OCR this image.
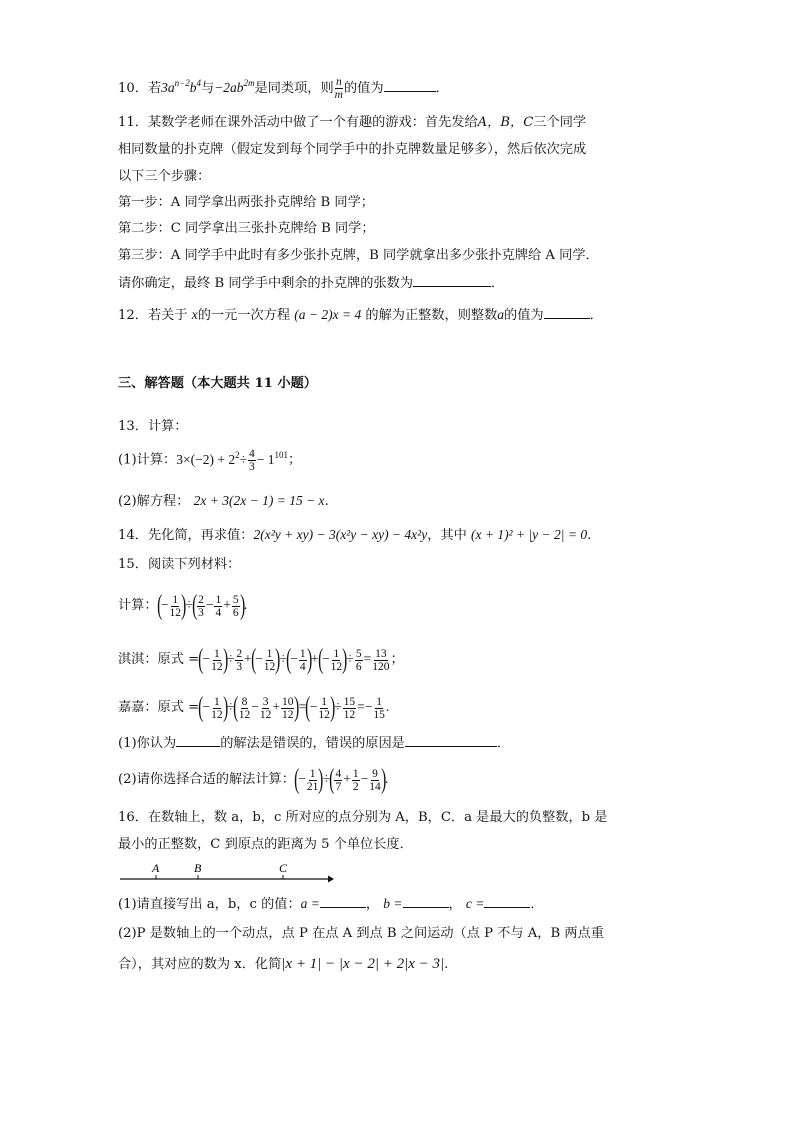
10．若$3a^{n-2}b^4$与$-2ab^{2m}$是同类项，则 $\frac{n}{m}$ 的值为	．
11．某数学老师在课外活动中做了一个有趣的游戏：首先发给A，B，C三个同学
相同数量的扑克牌（假定发到每个同学手中的扑克牌数量足够多），然后依次完成
以下三个步骤：
第一步：A 同学拿出两张扑克牌给 B 同学；
第二步：C 同学拿出三张扑克牌给 B 同学；
第三步：A 同学手中此时有多少张扑克牌，B 同学就拿出多少张扑克牌给 A 同学．
请你确定，最终 B 同学手中剩余的扑克牌的张数为	．
12．若关于 x的一元一次方程 (a − 2)x = 4 的解为正整数，则整数a的值为	．
三、解答题（本大题共 11 小题）
13．计算：
(1)计算：$3\times(-2) + 2^2\div \frac{4}{3} - 1^{101}$；
(2)解方程： 2x + 3(2x − 1) = 15 − x.
14．先化简，再求值：2(x²y + xy) − 3(x²y − xy) − 4x²y，其中 (x + 1)² + |y − 2| = 0.
15．阅读下列材料：
计算：(− $\frac{1}{12}$ )÷( $\frac{2}{3} - \frac{1}{4} + \frac{5}{6}$ ).
淇淇：原式 =(− $\frac{1}{12}$ )÷ $\frac{2}{3}$ +(− $\frac{1}{12}$ )÷(− $\frac{1}{4}$ )+(− $\frac{1}{12}$ )÷ $\frac{5}{6} = \frac{13}{120}$ ；
嘉嘉：原式 =(− $\frac{1}{12}$ )÷( $\frac{8}{12} - \frac{3}{12} + \frac{10}{12}$ )=(− $\frac{1}{12}$ )÷ $\frac{15}{12} =- \frac{1}{15}$ .
(1)你认为	的解法是错误的，错误的原因是	．
(2)请你选择合适的解法计算：(− $\frac{1}{21}$ )÷( $\frac{4}{7} + \frac{1}{2} - \frac{9}{14}$ ).
16．在数轴上，数 a，b，c 所对应的点分别为 A，B，C．a 是最大的负整数，b 是
最小的正整数，C 到原点的距离为 5 个单位长度．
A	B	C
(1)请直接写出 a，b，c 的值：a =	， b =	， c =	．
(2)P 是数轴上的一个动点，点 P 在点 A 到点 B 之间运动（点 P 不与 A，B 两点重
合），其对应的数为 x．化简|x + 1| − |x − 2| + 2|x − 3|.
